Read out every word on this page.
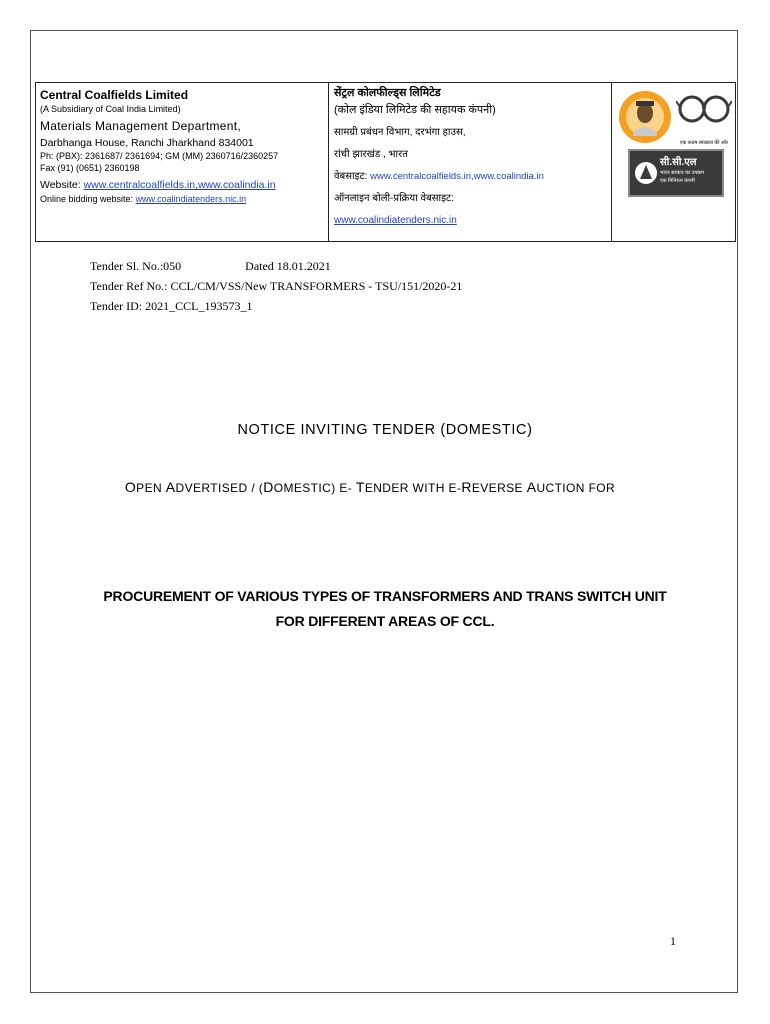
Central Coalfields Limited
(A Subsidiary of Coal India Limited)
Materials Management Department,
Darbhanga House, Ranchi Jharkhand 834001
Ph: (PBX): 2361687/ 2361694; GM (MM) 2360716/2360257
Fax (91) (0651) 2360198
Website: www.centralcoalfields.in,www.coalindia.in
Online bidding website: www.coalindiatenders.nic.in
सेंट्रल कोलफील्ड्स लिमिटेड
(कोल इंडिया लिमिटेड की सहायक कंपनी)
सामग्री प्रबंधन विभाग, दरभंगा हाउस,
रांची झारखंड , भारत
वेबसाइट: www.centralcoalfields.in,www.coalindia.in
ऑनलाइन बोली-प्रक्रिया वेबसाइट:
www.coalindiatenders.nic.in
एक कदम स्वच्छता की ओर
सी.सी.एल
भारत सरकार का उपक्रम
एक मिनिरत्न कंपनी
Tender Sl. No.:050	Dated 18.01.2021
Tender Ref No.: CCL/CM/VSS/New TRANSFORMERS - TSU/151/2020-21
Tender ID: 2021_CCL_193573_1
NOTICE INVITING TENDER (DOMESTIC)
OPEN ADVERTISED / (DOMESTIC) E- TENDER WITH E-REVERSE AUCTION FOR
PROCUREMENT OF VARIOUS TYPES OF TRANSFORMERS AND TRANS SWITCH UNIT
FOR DIFFERENT AREAS OF CCL.
1
